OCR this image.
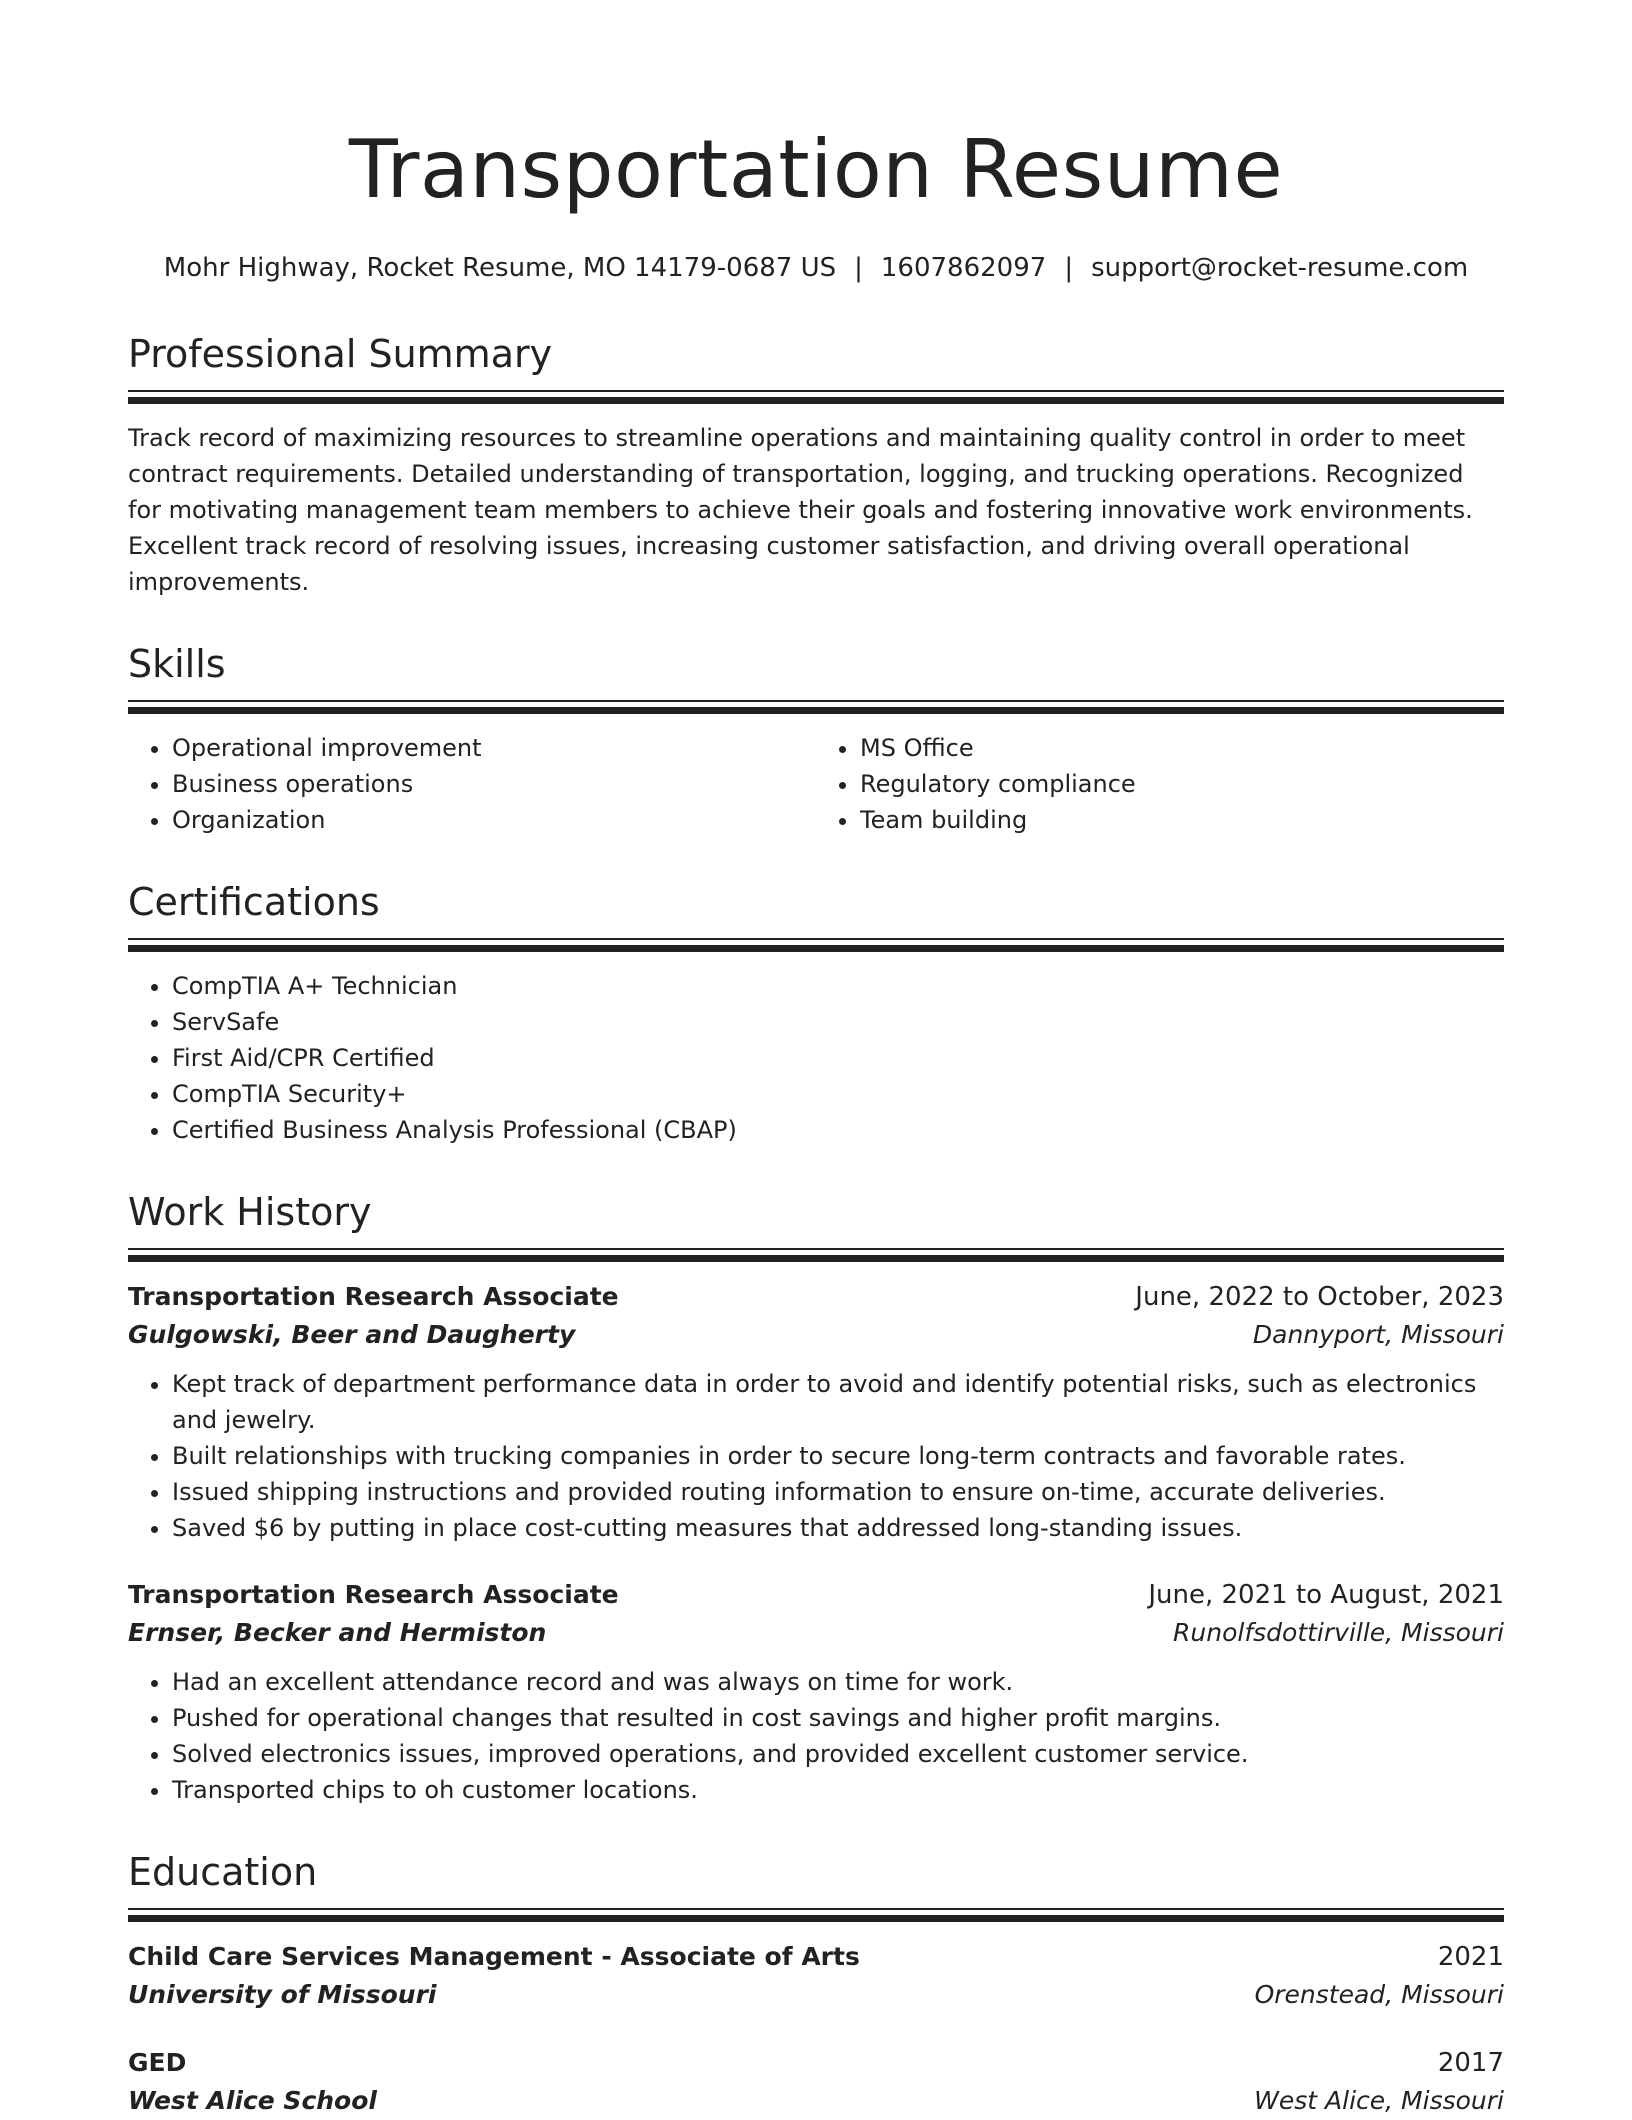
Transportation Resume
Mohr Highway, Rocket Resume, MO 14179-0687 US | 1607862097 | support@rocket-resume.com
Professional Summary
Track record of maximizing resources to streamline operations and maintaining quality control in order to meet contract requirements. Detailed understanding of transportation, logging, and trucking operations. Recognized for motivating management team members to achieve their goals and fostering innovative work environments. Excellent track record of resolving issues, increasing customer satisfaction, and driving overall operational improvements.
Skills
• Operational improvement
• Business operations
• Organization
• MS Office
• Regulatory compliance
• Team building
Certifications
• CompTIA A+ Technician
• ServSafe
• First Aid/CPR Certified
• CompTIA Security+
• Certified Business Analysis Professional (CBAP)
Work History
Transportation Research Associate	June, 2022 to October, 2023
Gulgowski, Beer and Daugherty	Dannyport, Missouri
• Kept track of department performance data in order to avoid and identify potential risks, such as electronics and jewelry.
• Built relationships with trucking companies in order to secure long-term contracts and favorable rates.
• Issued shipping instructions and provided routing information to ensure on-time, accurate deliveries.
• Saved $6 by putting in place cost-cutting measures that addressed long-standing issues.
Transportation Research Associate	June, 2021 to August, 2021
Ernser, Becker and Hermiston	Runolfsdottirville, Missouri
• Had an excellent attendance record and was always on time for work.
• Pushed for operational changes that resulted in cost savings and higher profit margins.
• Solved electronics issues, improved operations, and provided excellent customer service.
• Transported chips to oh customer locations.
Education
Child Care Services Management - Associate of Arts	2021
University of Missouri	Orenstead, Missouri
GED	2017
West Alice School	West Alice, Missouri
